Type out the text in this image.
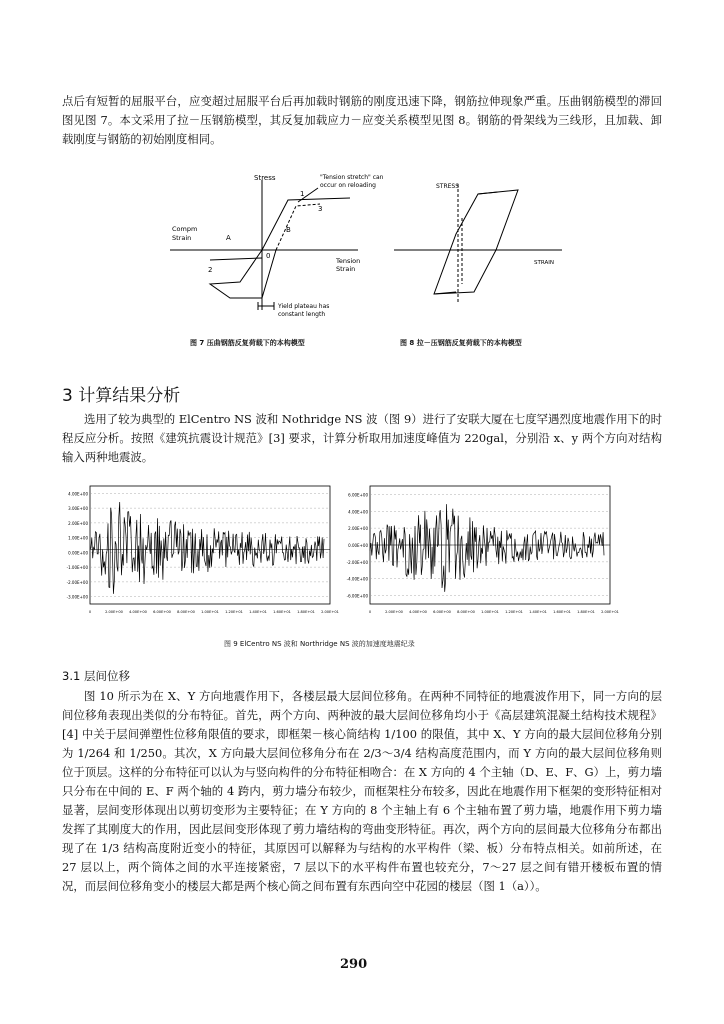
点后有短暂的屈服平台，应变超过屈服平台后再加载时钢筋的刚度迅速下降，钢筋拉伸现象严重。压曲钢筋模型的滞回图见图 7。本文采用了拉－压钢筋模型，其反复加载应力－应变关系模型见图 8。钢筋的骨架线为三线形，且加载、卸载刚度与钢筋的初始刚度相同。

Stress	"Tension stretch" can
occur on reloading
Compm
Strain
Tension
Strain
Yield plateau has
constant length
1
2
3
A
B
0
图 7 压曲钢筋反复荷载下的本构模型
STRESS
STRAIN
图 8 拉－压钢筋反复荷载下的本构模型
3 计算结果分析

选用了较为典型的 ElCentro NS 波和 Nothridge NS 波（图 9）进行了安联大厦在七度罕遇烈度地震作用下的时程反应分析。按照《建筑抗震设计规范》[3] 要求，计算分析取用加速度峰值为 220gal，分别沿 x、y 两个方向对结构输入两种地震波。

4.00E+00
3.00E+00
2.00E+00
1.00E+00
0.00E+00
-1.00E+00
-2.00E+00
-3.00E+00
0	2.00E+00 4.00E+00 6.00E+00 8.00E+00 1.00E+01 1.20E+01 1.40E+01 1.60E+01 1.80E+01 2.00E+01
6.00E+00
4.00E+00
2.00E+00
0.00E+00
-2.00E+00
-4.00E+00
-6.00E+00
0	2.00E+00 4.00E+00 6.00E+00 8.00E+00 1.00E+01 1.20E+01 1.40E+01 1.60E+01 1.80E+01 2.00E+01
图 9 ElCentro NS 波和 Northridge NS 波的加速度地震纪录
3.1 层间位移

图 10 所示为在 X、Y 方向地震作用下，各楼层最大层间位移角。在两种不同特征的地震波作用下，同一方向的层间位移角表现出类似的分布特征。首先，两个方向、两种波的最大层间位移角均小于《高层建筑混凝土结构技术规程》[4] 中关于层间弹塑性位移角限值的要求，即框架－核心筒结构 1/100 的限值，其中 X、Y 方向的最大层间位移角分别为 1/264 和 1/250。其次，X 方向最大层间位移角分布在 2/3～3/4 结构高度范围内，而 Y 方向的最大层间位移角则位于顶层。这样的分布特征可以认为与竖向构件的分布特征相吻合：在 X 方向的 4 个主轴（D、E、F、G）上，剪力墙只分布在中间的 E、F 两个轴的 4 跨内，剪力墙分布较少，而框架柱分布较多，因此在地震作用下框架的变形特征相对显著，层间变形体现出以剪切变形为主要特征；在 Y 方向的 8 个主轴上有 6 个主轴布置了剪力墙，地震作用下剪力墙发挥了其刚度大的作用，因此层间变形体现了剪力墙结构的弯曲变形特征。再次，两个方向的层间最大位移角分布都出现了在 1/3 结构高度附近变小的特征，其原因可以解释为与结构的水平构件（梁、板）分布特点相关。如前所述，在 27 层以上，两个筒体之间的水平连接紧密，7 层以下的水平构件布置也较充分，7～27 层之间有错开楼板布置的情况，而层间位移角变小的楼层大都是两个核心筒之间布置有东西向空中花园的楼层（图 1（a））。

290
